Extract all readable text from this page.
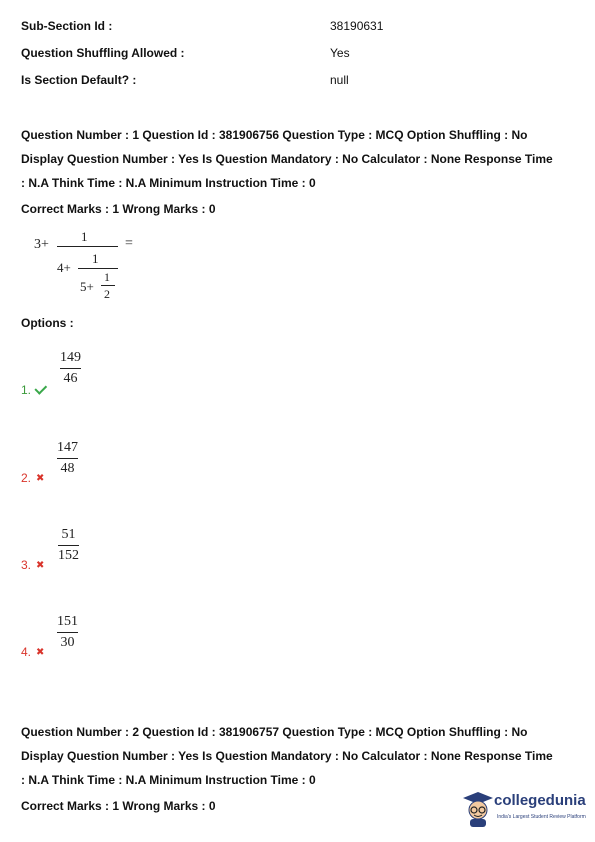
Sub-Section Id :	38190631
Question Shuffling Allowed :	Yes
Is Section Default? :	null
Question Number : 1 Question Id : 381906756 Question Type : MCQ Option Shuffling : No
Display Question Number : Yes Is Question Mandatory : No Calculator : None Response Time
: N.A Think Time : N.A Minimum Instruction Time : 0
Correct Marks : 1 Wrong Marks : 0
3+
1	=
4+
1
5+
1
2
Options :
149
46
1.
147
48
2. ✖
51
152
3. ✖
151
30
4. ✖
Question Number : 2 Question Id : 381906757 Question Type : MCQ Option Shuffling : No
Display Question Number : Yes Is Question Mandatory : No Calculator : None Response Time
: N.A Think Time : N.A Minimum Instruction Time : 0
Correct Marks : 1 Wrong Marks : 0	collegedunia
India's Largest Student Review Platform
